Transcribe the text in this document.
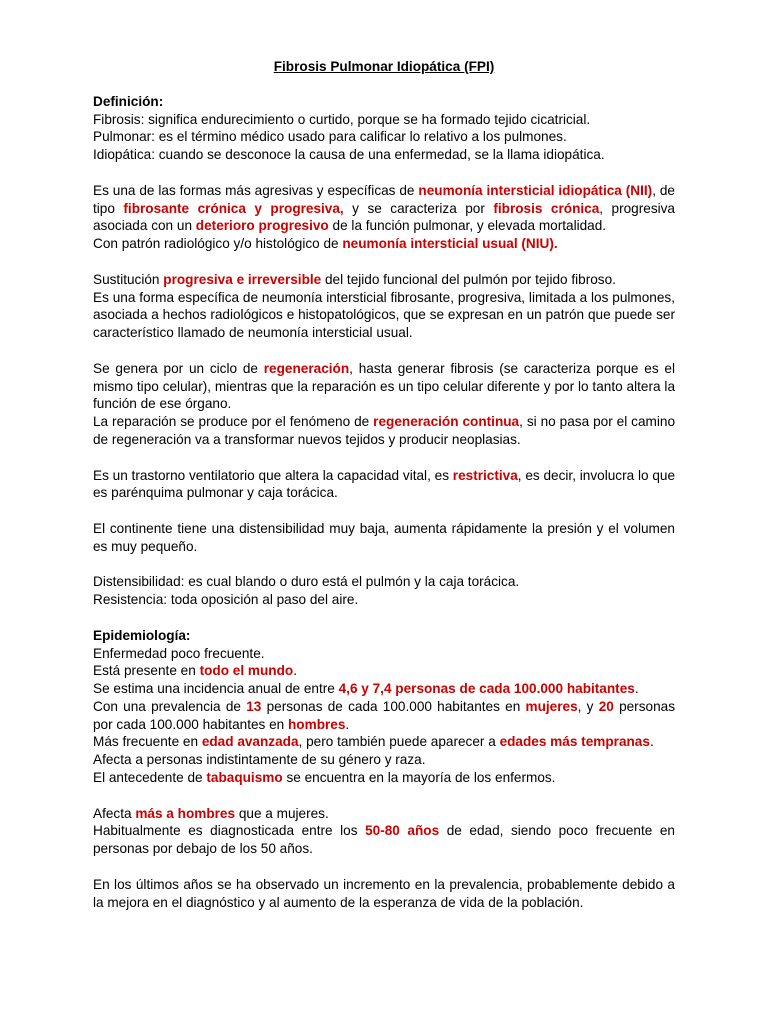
Fibrosis Pulmonar Idiopática (FPI)

Definición:

Fibrosis: significa endurecimiento o curtido, porque se ha formado tejido cicatricial.

Pulmonar: es el término médico usado para calificar lo relativo a los pulmones.

Idiopática: cuando se desconoce la causa de una enfermedad, se la llama idiopática.

Es una de las formas más agresivas y específicas de neumonía intersticial idiopática (NII), de tipo fibrosante crónica y progresiva, y se caracteriza por fibrosis crónica, progresiva asociada con un deterioro progresivo de la función pulmonar, y elevada mortalidad.

Con patrón radiológico y/o histológico de neumonía intersticial usual (NIU).

Sustitución progresiva e irreversible del tejido funcional del pulmón por tejido fibroso.

Es una forma específica de neumonía intersticial fibrosante, progresiva, limitada a los pulmones, asociada a hechos radiológicos e histopatológicos, que se expresan en un patrón que puede ser característico llamado de neumonía intersticial usual.

Se genera por un ciclo de regeneración, hasta generar fibrosis (se caracteriza porque es el mismo tipo celular), mientras que la reparación es un tipo celular diferente y por lo tanto altera la función de ese órgano.

La reparación se produce por el fenómeno de regeneración continua, si no pasa por el camino de regeneración va a transformar nuevos tejidos y producir neoplasias.

Es un trastorno ventilatorio que altera la capacidad vital, es restrictiva, es decir, involucra lo que es parénquima pulmonar y caja torácica.

El continente tiene una distensibilidad muy baja, aumenta rápidamente la presión y el volumen es muy pequeño.

Distensibilidad: es cual blando o duro está el pulmón y la caja torácica.

Resistencia: toda oposición al paso del aire.

Epidemiología:

Enfermedad poco frecuente.

Está presente en todo el mundo.

Se estima una incidencia anual de entre 4,6 y 7,4 personas de cada 100.000 habitantes.

Con una prevalencia de 13 personas de cada 100.000 habitantes en mujeres, y 20 personas por cada 100.000 habitantes en hombres.

Más frecuente en edad avanzada, pero también puede aparecer a edades más tempranas.

Afecta a personas indistintamente de su género y raza.

El antecedente de tabaquismo se encuentra en la mayoría de los enfermos.

Afecta más a hombres que a mujeres.

Habitualmente es diagnosticada entre los 50-80 años de edad, siendo poco frecuente en personas por debajo de los 50 años.

En los últimos años se ha observado un incremento en la prevalencia, probablemente debido a la mejora en el diagnóstico y al aumento de la esperanza de vida de la población.
